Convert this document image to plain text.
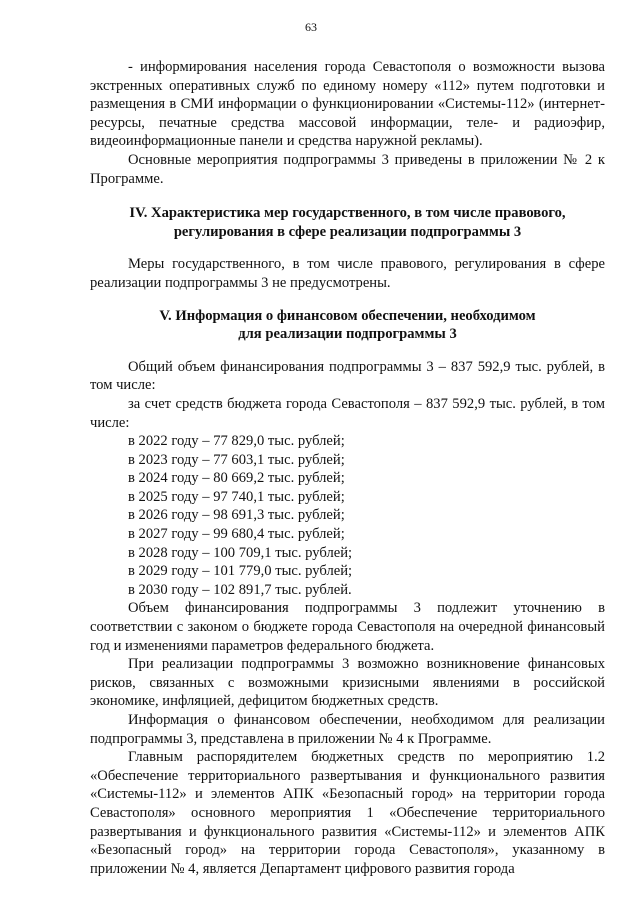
63

- информирования населения города Севастополя о возможности вызова экстренных оперативных служб по единому номеру «112» путем подготовки и размещения в СМИ информации о функционировании «Системы-112» (интернет-ресурсы, печатные средства массовой информации, теле- и радиоэфир, видеоинформационные панели и средства наружной рекламы).

Основные мероприятия подпрограммы 3 приведены в приложении № 2 к Программе.

IV. Характеристика мер государственного, в том числе правового,
регулирования в сфере реализации подпрограммы 3

Меры государственного, в том числе правового, регулирования в сфере реализации подпрограммы 3 не предусмотрены.

V. Информация о финансовом обеспечении, необходимом
для реализации подпрограммы 3

Общий объем финансирования подпрограммы 3 – 837 592,9 тыс. рублей, в том числе:

за счет средств бюджета города Севастополя – 837 592,9 тыс. рублей, в том числе:

в 2022 году – 77 829,0 тыс. рублей;

в 2023 году – 77 603,1 тыс. рублей;

в 2024 году – 80 669,2 тыс. рублей;

в 2025 году – 97 740,1 тыс. рублей;

в 2026 году – 98 691,3 тыс. рублей;

в 2027 году – 99 680,4 тыс. рублей;

в 2028 году – 100 709,1 тыс. рублей;

в 2029 году – 101 779,0 тыс. рублей;

в 2030 году – 102 891,7 тыс. рублей.

Объем финансирования подпрограммы 3 подлежит уточнению в соответствии с законом о бюджете города Севастополя на очередной финансовый год и изменениями параметров федерального бюджета.

При реализации подпрограммы 3 возможно возникновение финансовых рисков, связанных с возможными кризисными явлениями в российской экономике, инфляцией, дефицитом бюджетных средств.

Информация о финансовом обеспечении, необходимом для реализации подпрограммы 3, представлена в приложении № 4 к Программе.

Главным распорядителем бюджетных средств по мероприятию 1.2 «Обеспечение территориального развертывания и функционального развития «Системы-112» и элементов АПК «Безопасный город» на территории города Севастополя» основного мероприятия 1 «Обеспечение территориального развертывания и функционального развития «Системы-112» и элементов АПК «Безопасный город» на территории города Севастополя», указанному в приложении № 4, является Департамент цифрового развития города
